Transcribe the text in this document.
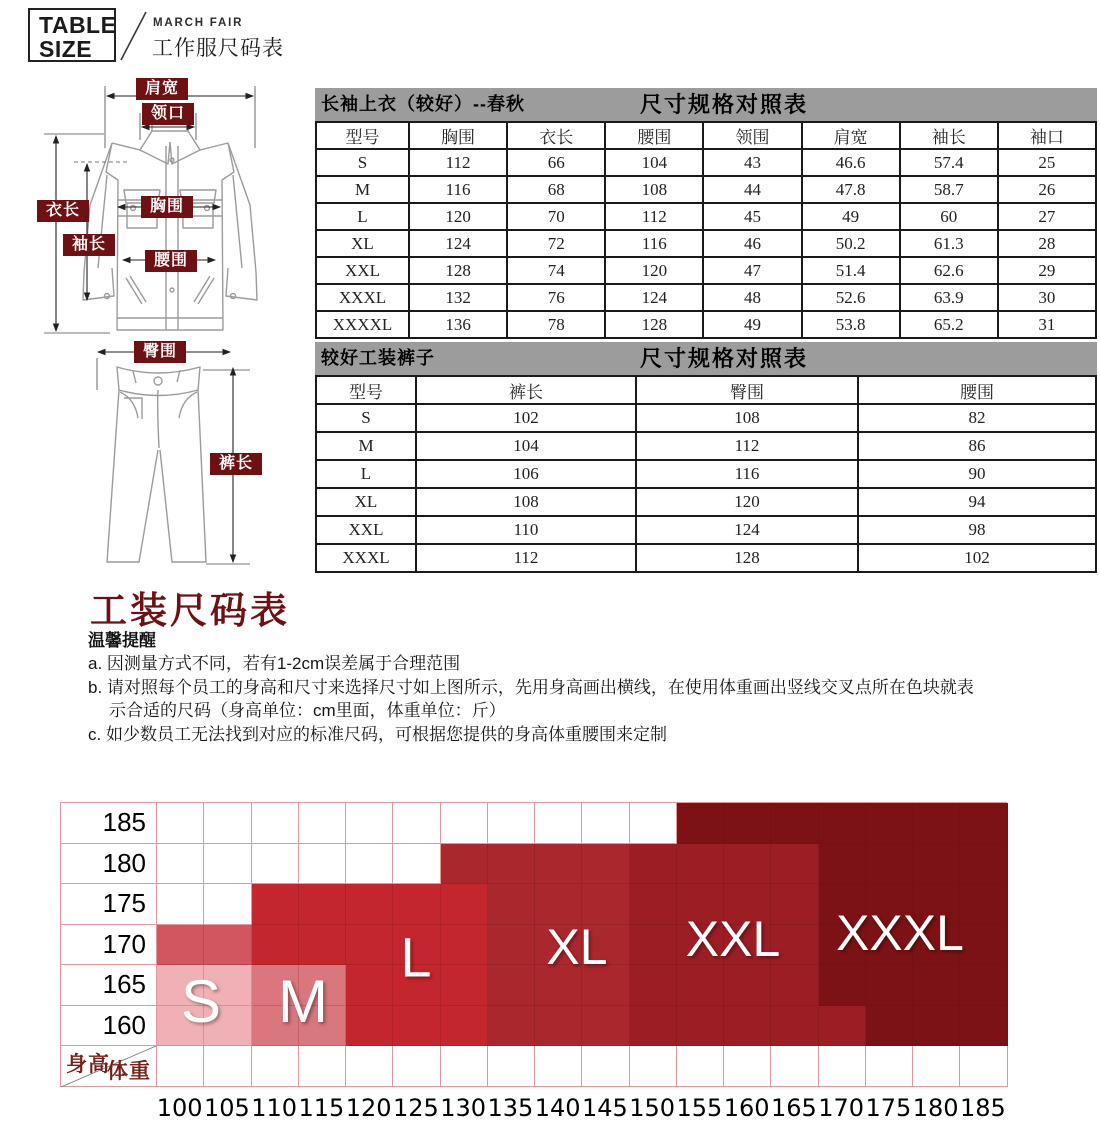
TABLE
SIZE
MARCH FAIR
工作服尺码表
肩宽
领口
衣长
袖长
胸围
腰围
臀围
裤长
长袖上衣（较好）--春秋	尺寸规格对照表
型号	胸围	衣长	腰围	领围	肩宽	袖长	袖口
S	112	66	104	43	46.6	57.4	25
M	116	68	108	44	47.8	58.7	26
L	120	70	112	45	49	60	27
XL	124	72	116	46	50.2	61.3	28
XXL	128	74	120	47	51.4	62.6	29
XXXL	132	76	124	48	52.6	63.9	30
XXXXL	136	78	128	49	53.8	65.2	31
较好工装裤子	尺寸规格对照表
型号	裤长	臀围	腰围
S	102	108	82
M	104	112	86
L	106	116	90
XL	108	120	94
XXL	110	124	98
XXXL	112	128	102
工装尺码表
温馨提醒
a. 因测量方式不同，若有1-2cm误差属于合理范围
b. 请对照每个员工的身高和尺寸来选择尺寸如上图所示，先用身高画出横线，在使用体重画出竖线交叉点所在色块就表
示合适的尺码（身高单位：cm里面，体重单位：斤）
c. 如少数员工无法找到对应的标准尺码，可根据您提供的身高体重腰围来定制
185
180
175
170
165
160
身高
体重
100 105 110 115 120 125 130 135 140 145 150 155 160 165 170 175 180 185
S M
L XL XXL XXXL
